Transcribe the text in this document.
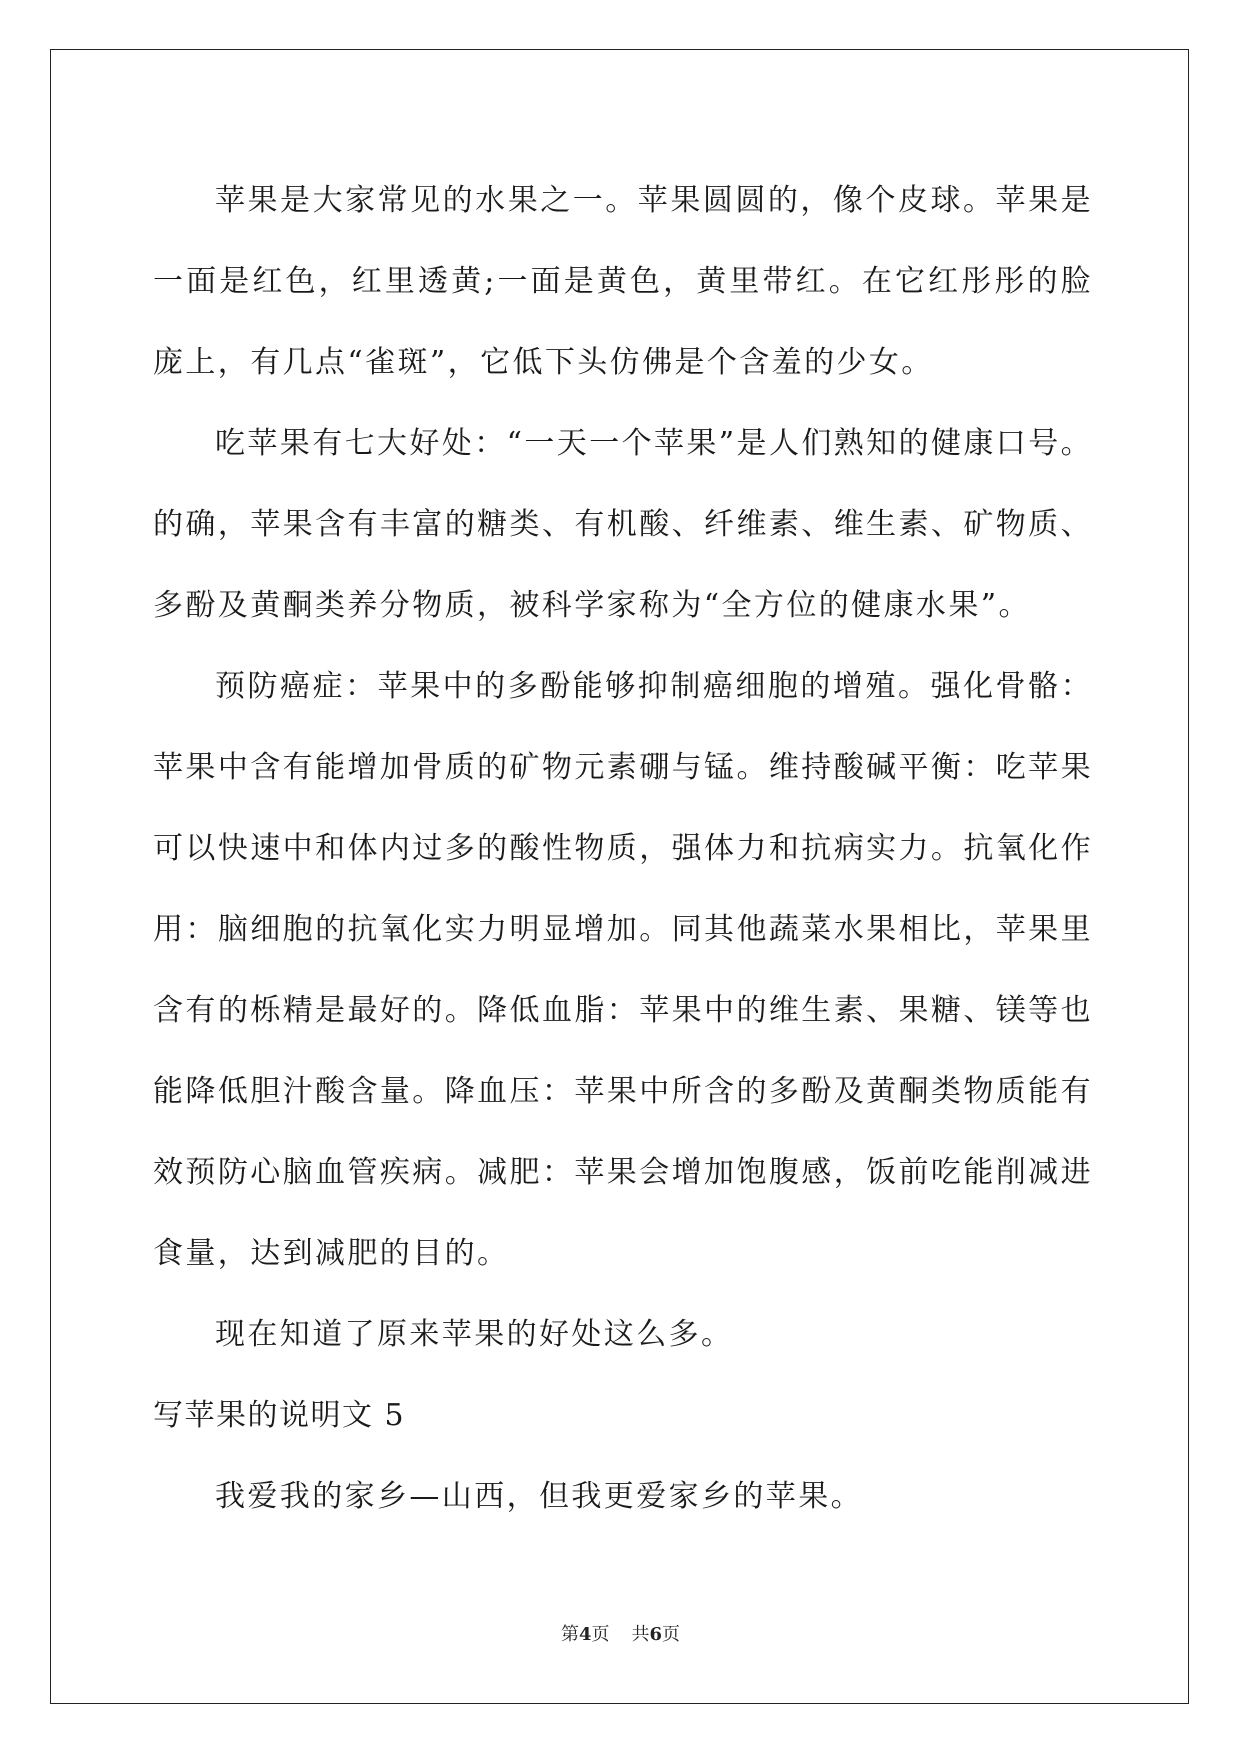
苹果是大家常见的水果之一。苹果圆圆的，像个皮球。苹果是一面是红色，红里透黄;一面是黄色，黄里带红。在它红彤彤的脸庞上，有几点“雀斑”，它低下头仿佛是个含羞的少女。

吃苹果有七大好处：“一天一个苹果”是人们熟知的健康口号。的确，苹果含有丰富的糖类、有机酸、纤维素、维生素、矿物质、多酚及黄酮类养分物质，被科学家称为“全方位的健康水果”。

预防癌症：苹果中的多酚能够抑制癌细胞的增殖。强化骨骼：苹果中含有能增加骨质的矿物元素硼与锰。维持酸碱平衡：吃苹果可以快速中和体内过多的酸性物质，强体力和抗病实力。抗氧化作用：脑细胞的抗氧化实力明显增加。同其他蔬菜水果相比，苹果里含有的栎精是最好的。降低血脂：苹果中的维生素、果糖、镁等也能降低胆汁酸含量。降血压：苹果中所含的多酚及黄酮类物质能有效预防心脑血管疾病。减肥：苹果会增加饱腹感，饭前吃能削减进食量，达到减肥的目的。

现在知道了原来苹果的好处这么多。

写苹果的说明文 5

我爱我的家乡—山西，但我更爱家乡的苹果。

第4页 共6页
